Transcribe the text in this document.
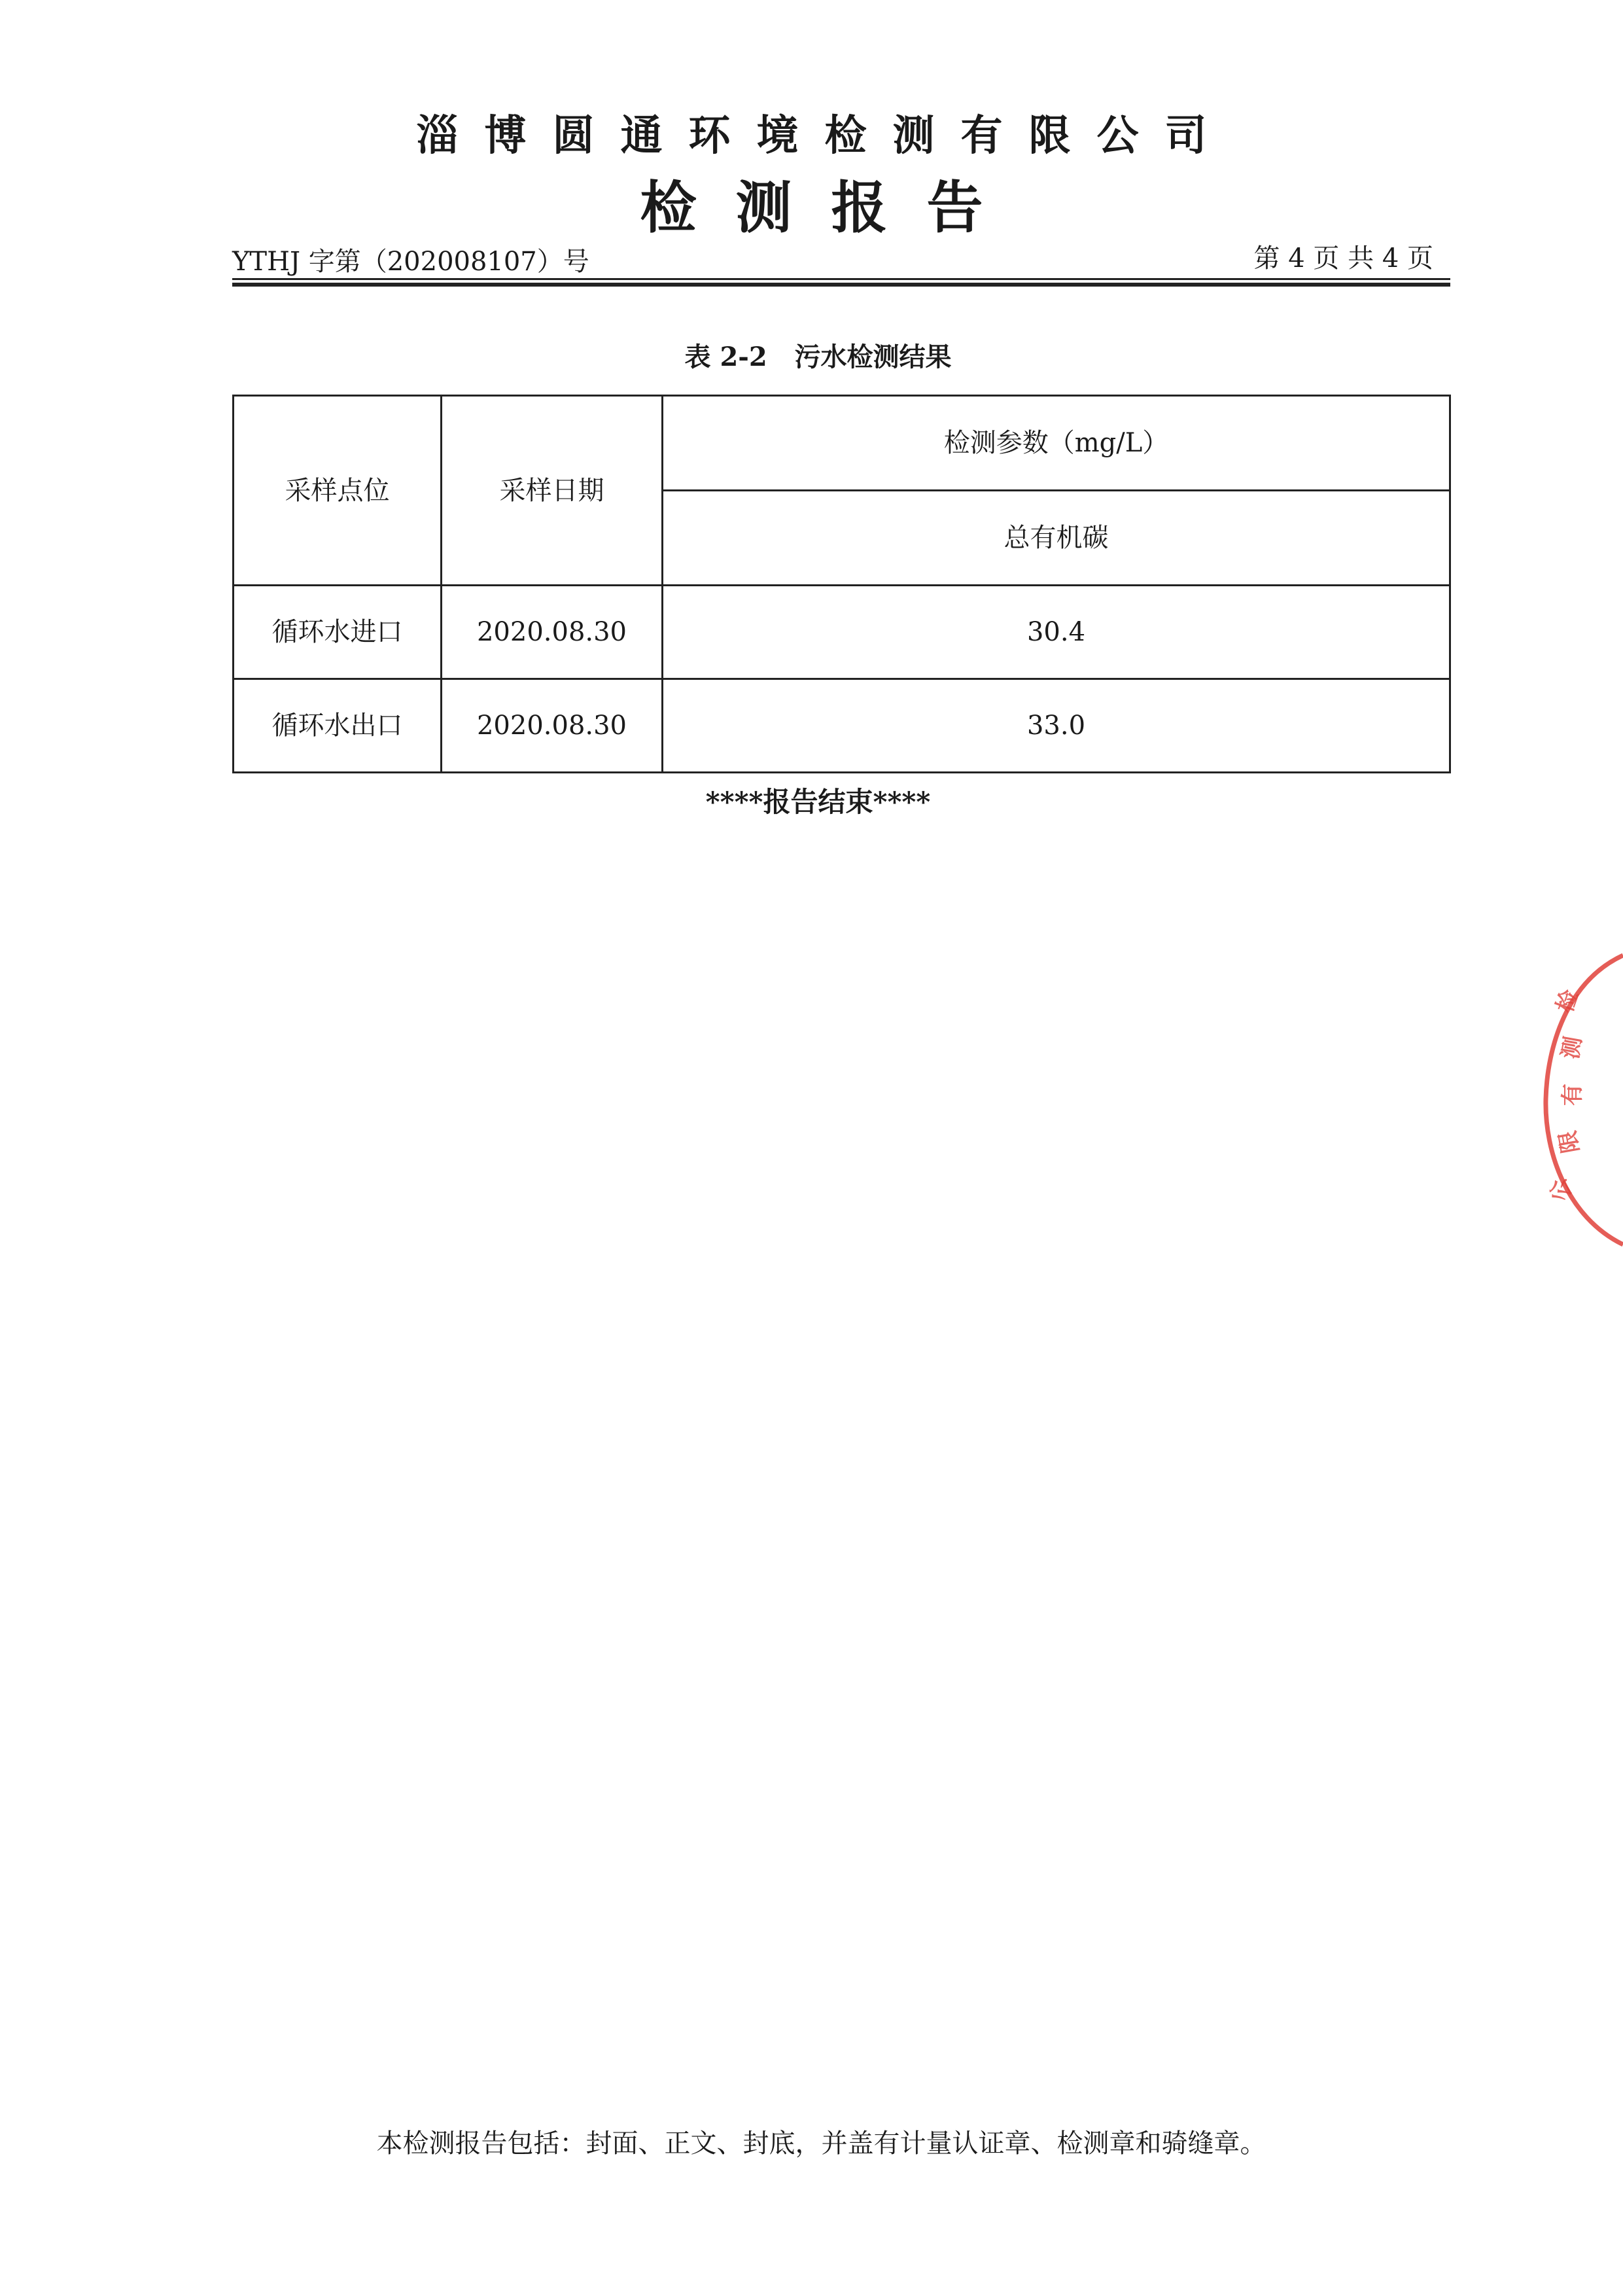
淄博圆通环境检测有限公司
检测报告
YTHJ 字第（202008107）号	第 4 页 共 4 页
表 2-2   污水检测结果
采样点位	采样日期	检测参数（mg/L）
		总有机碳
循环水进口	2020.08.30	30.4
循环水出口	2020.08.30	33.0
****报告结束****
本检测报告包括：封面、正文、封底，并盖有计量认证章、检测章和骑缝章。
检
测
有
限
公
